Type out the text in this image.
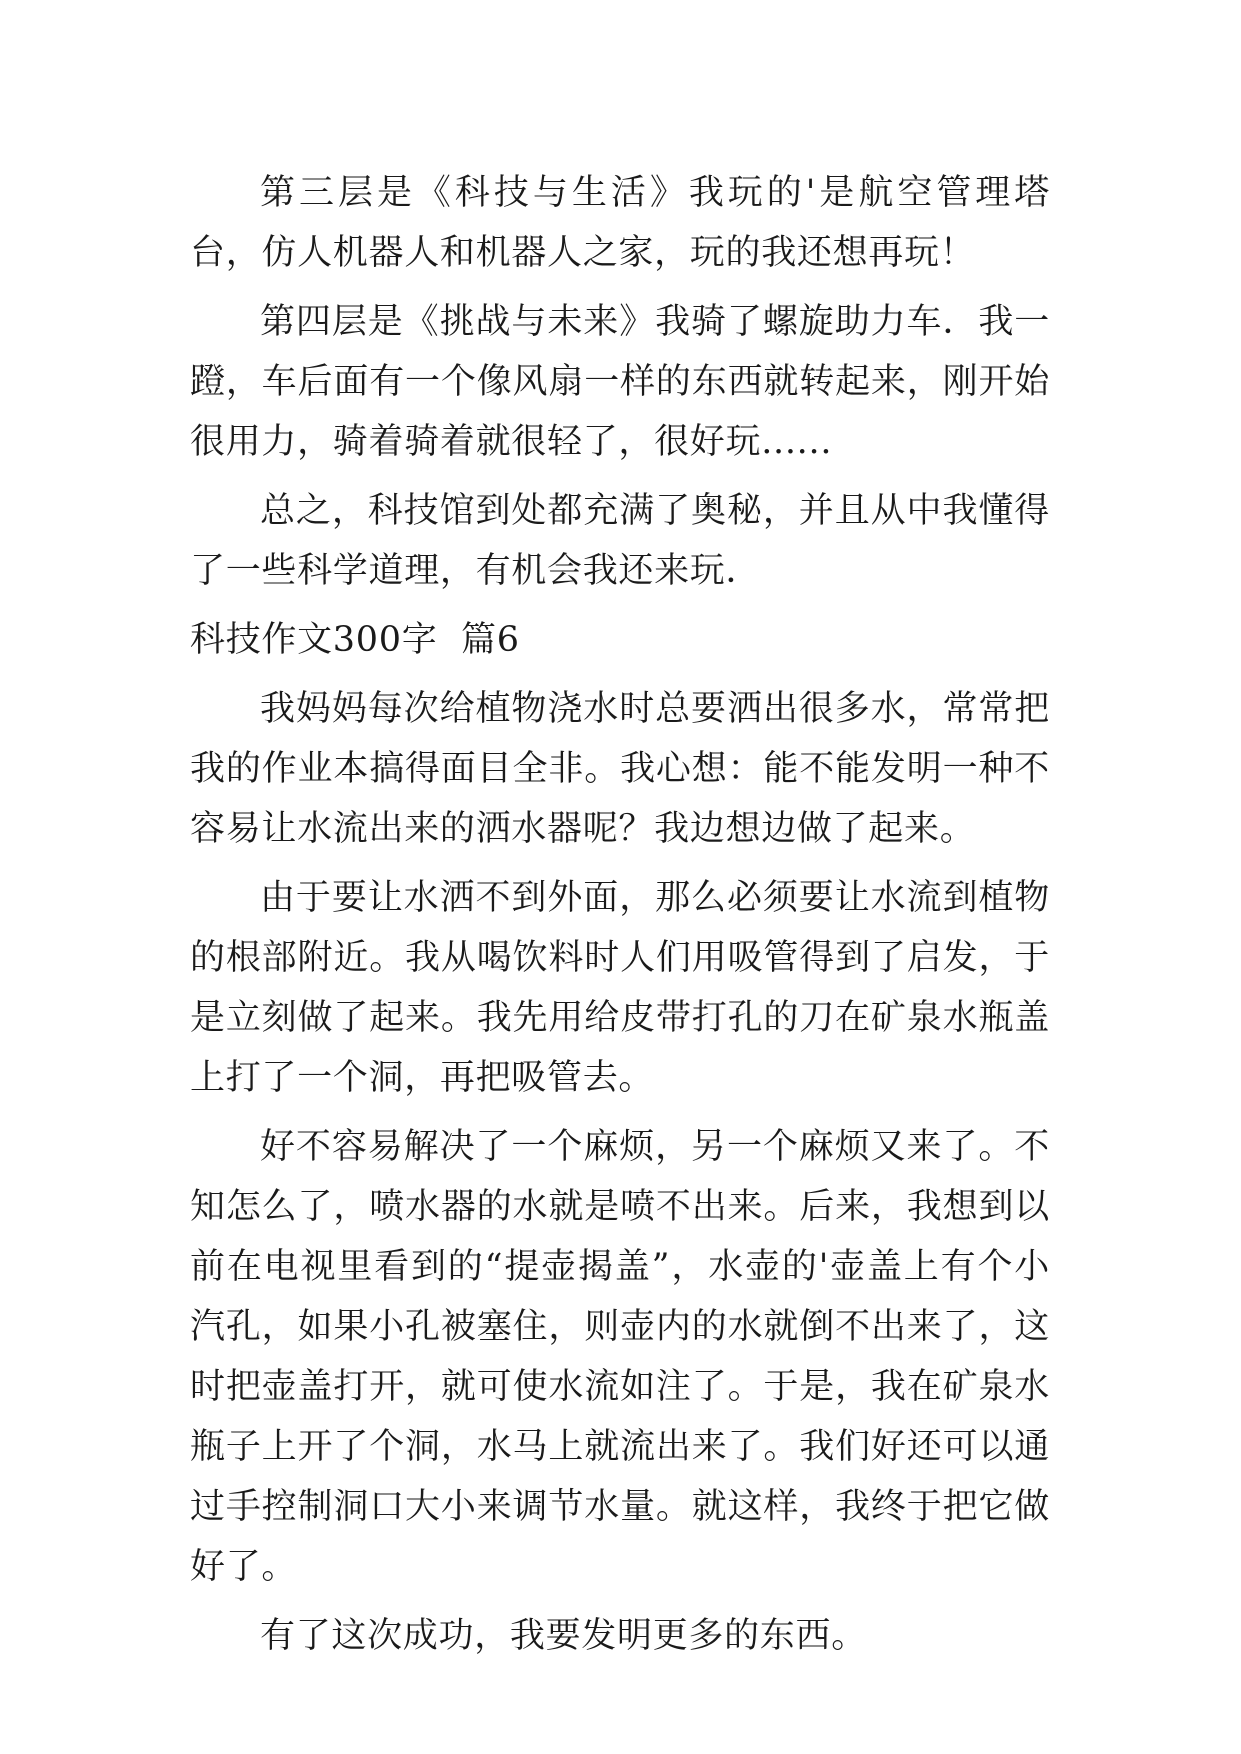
第三层是《科技与生活》我玩的'是航空管理塔台，仿人机器人和机器人之家，玩的我还想再玩！

第四层是《挑战与未来》我骑了螺旋助力车．我一蹬，车后面有一个像风扇一样的东西就转起来，刚开始很用力，骑着骑着就很轻了，很好玩......

总之，科技馆到处都充满了奥秘，并且从中我懂得了一些科学道理，有机会我还来玩．

科技作文300字  篇6

我妈妈每次给植物浇水时总要洒出很多水，常常把我的作业本搞得面目全非。我心想：能不能发明一种不容易让水流出来的洒水器呢？我边想边做了起来。

由于要让水洒不到外面，那么必须要让水流到植物的根部附近。我从喝饮料时人们用吸管得到了启发，于是立刻做了起来。我先用给皮带打孔的刀在矿泉水瓶盖上打了一个洞，再把吸管去。

好不容易解决了一个麻烦，另一个麻烦又来了。不知怎么了，喷水器的水就是喷不出来。后来，我想到以前在电视里看到的“提壶揭盖”，水壶的'壶盖上有个小汽孔，如果小孔被塞住，则壶内的水就倒不出来了，这时把壶盖打开，就可使水流如注了。于是，我在矿泉水瓶子上开了个洞，水马上就流出来了。我们好还可以通过手控制洞口大小来调节水量。就这样，我终于把它做好了。

有了这次成功，我要发明更多的东西。
